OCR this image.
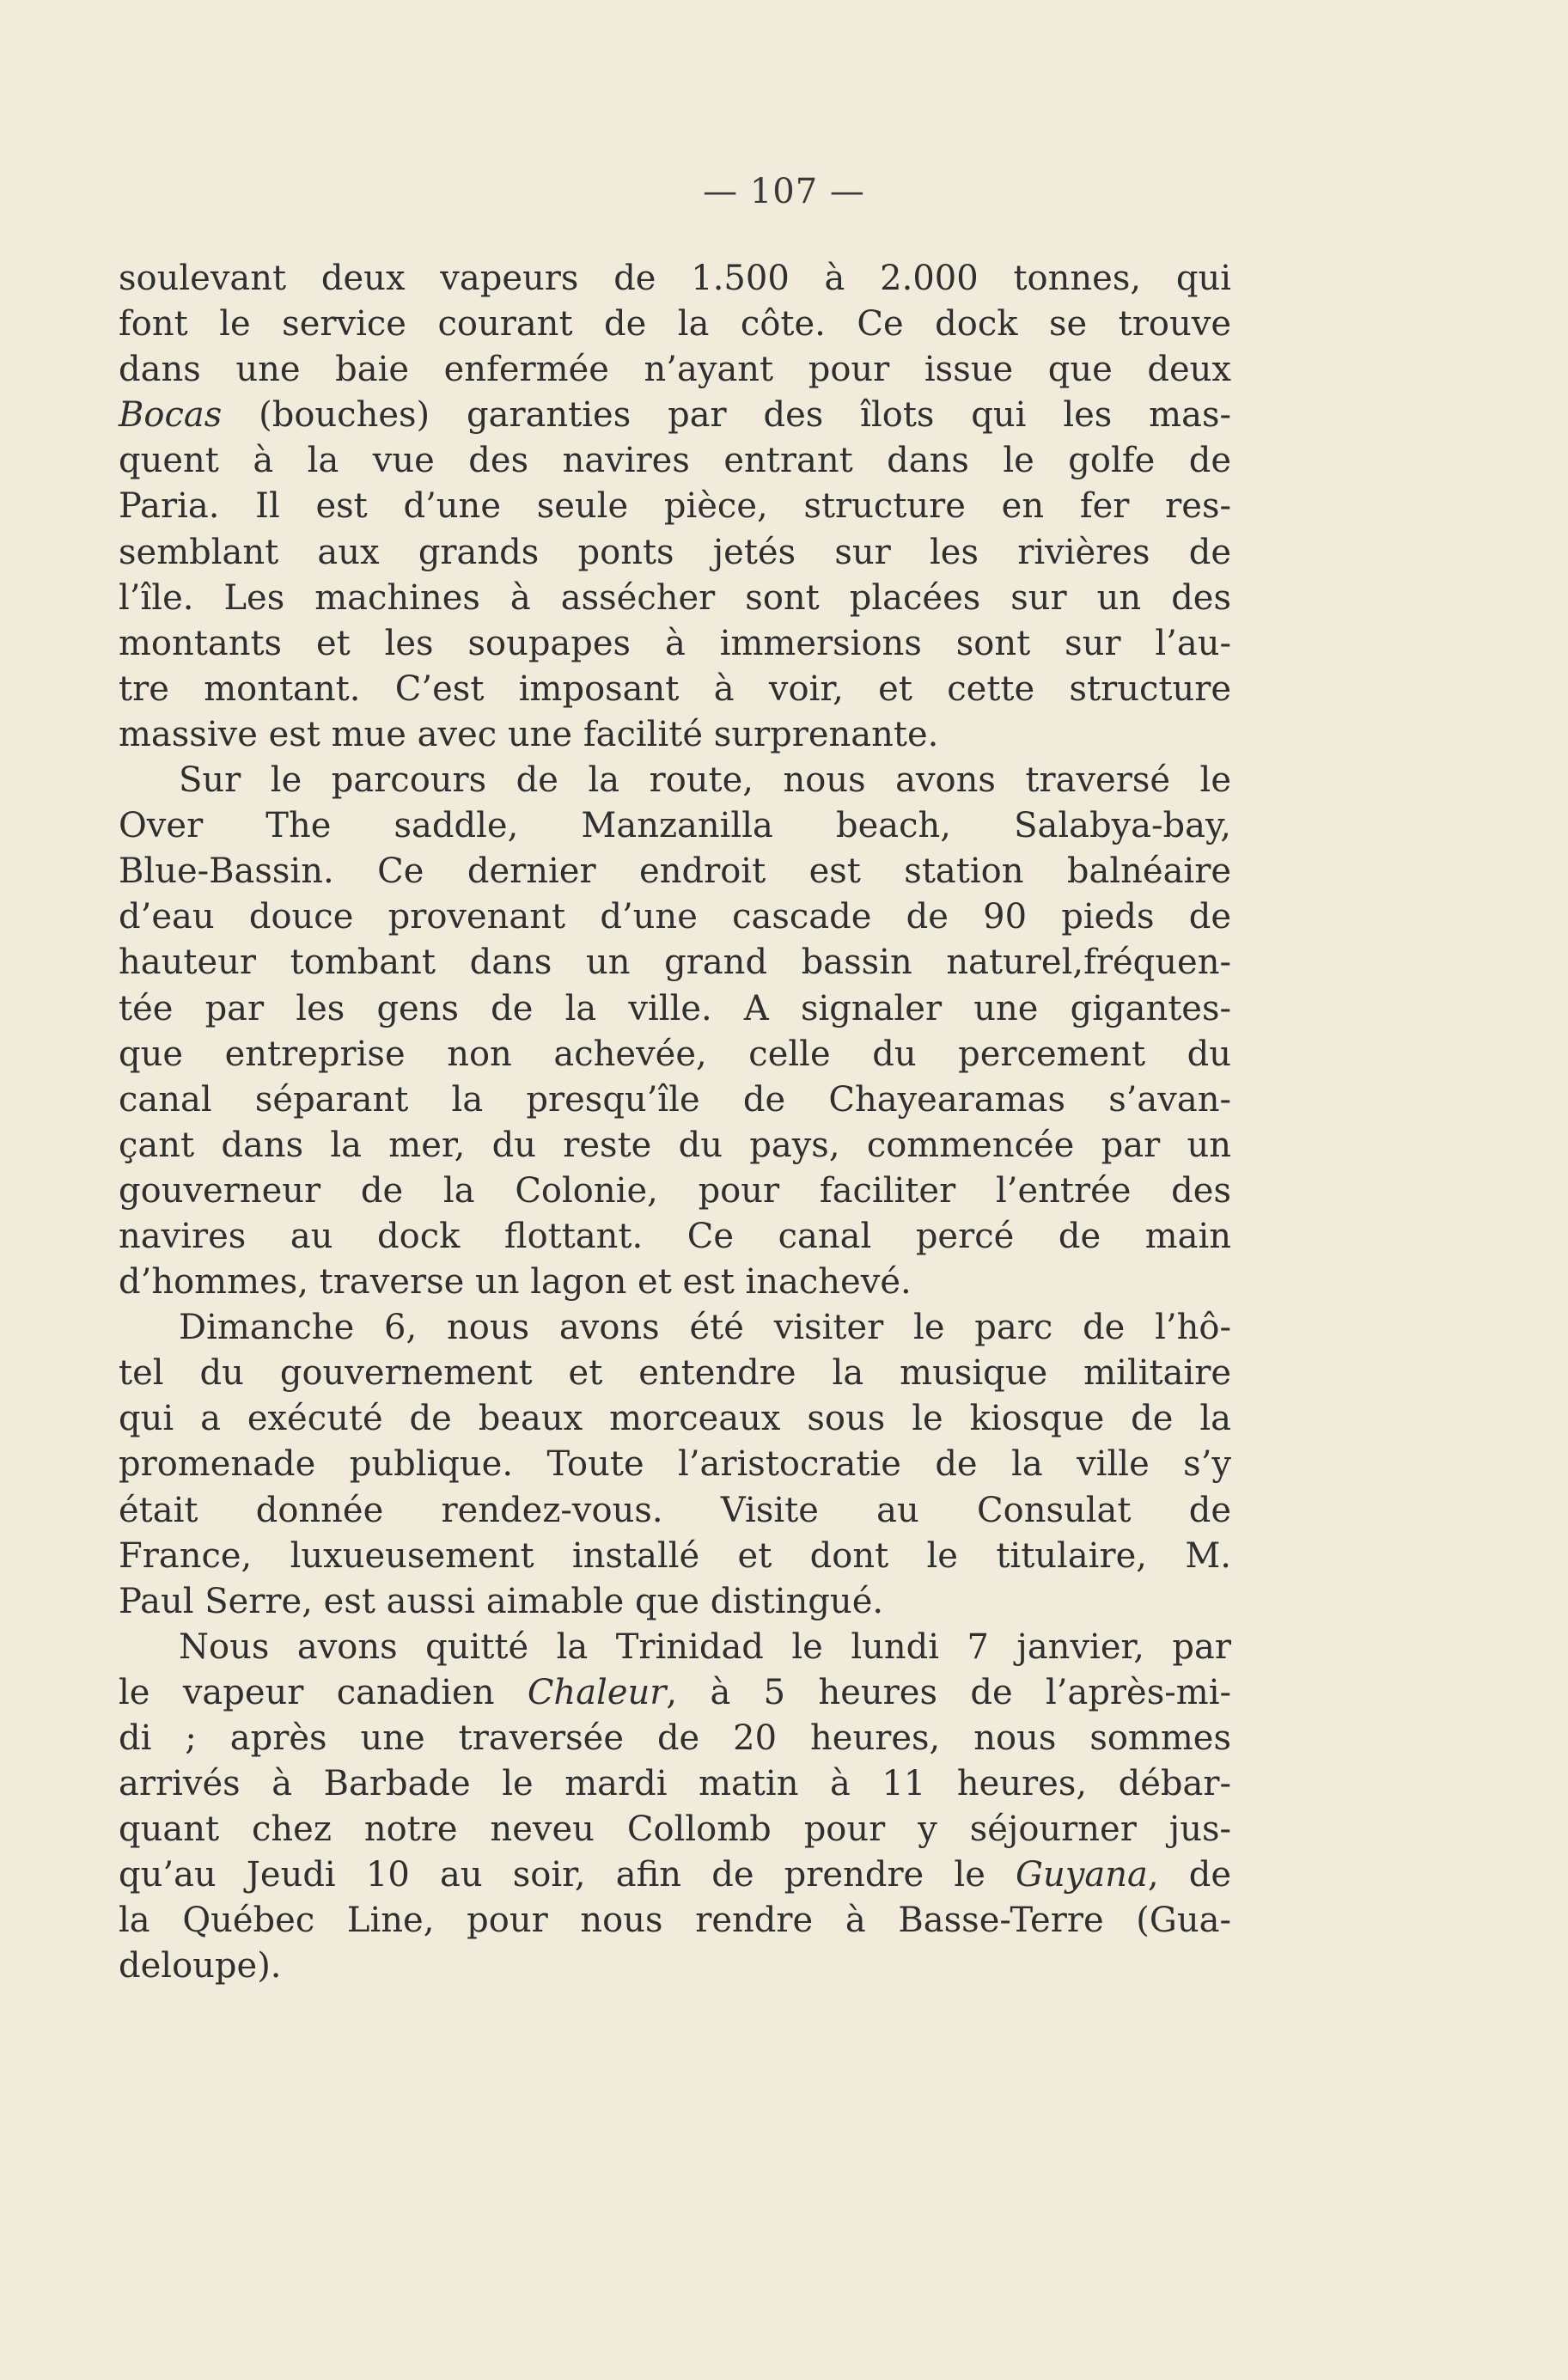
— 107 —
soulevant deux vapeurs de 1.500 à 2.000 tonnes, qui
font le service courant de la côte. Ce dock se trouve
dans une baie enfermée n’ayant pour issue que deux
Bocas (bouches) garanties par des îlots qui les mas-
quent à la vue des navires entrant dans le golfe de
Paria. Il est d’une seule pièce, structure en fer res-
semblant aux grands ponts jetés sur les rivières de
l’île. Les machines à assécher sont placées sur un des
montants et les soupapes à immersions sont sur l’au-
tre montant. C’est imposant à voir, et cette structure
massive est mue avec une facilité surprenante.
Sur le parcours de la route, nous avons traversé le
Over The saddle, Manzanilla beach, Salabya-bay,
Blue-Bassin. Ce dernier endroit est station balnéaire
d’eau douce provenant d’une cascade de 90 pieds de
hauteur tombant dans un grand bassin naturel,fréquen-
tée par les gens de la ville. A signaler une gigantes-
que entreprise non achevée, celle du percement du
canal séparant la presqu’île de Chayearamas s’avan-
çant dans la mer, du reste du pays, commencée par un
gouverneur de la Colonie, pour faciliter l’entrée des
navires au dock flottant. Ce canal percé de main
d’hommes, traverse un lagon et est inachevé.
Dimanche 6, nous avons été visiter le parc de l’hô-
tel du gouvernement et entendre la musique militaire
qui a exécuté de beaux morceaux sous le kiosque de la
promenade publique. Toute l’aristocratie de la ville s’y
était donnée rendez-vous. Visite au Consulat de
France, luxueusement installé et dont le titulaire, M.
Paul Serre, est aussi aimable que distingué.
Nous avons quitté la Trinidad le lundi 7 janvier, par
le vapeur canadien Chaleur, à 5 heures de l’après-mi-
di ; après une traversée de 20 heures, nous sommes
arrivés à Barbade le mardi matin à 11 heures, débar-
quant chez notre neveu Collomb pour y séjourner jus-
qu’au Jeudi 10 au soir, afin de prendre le Guyana, de
la Québec Line, pour nous rendre à Basse-Terre (Gua-
deloupe).
